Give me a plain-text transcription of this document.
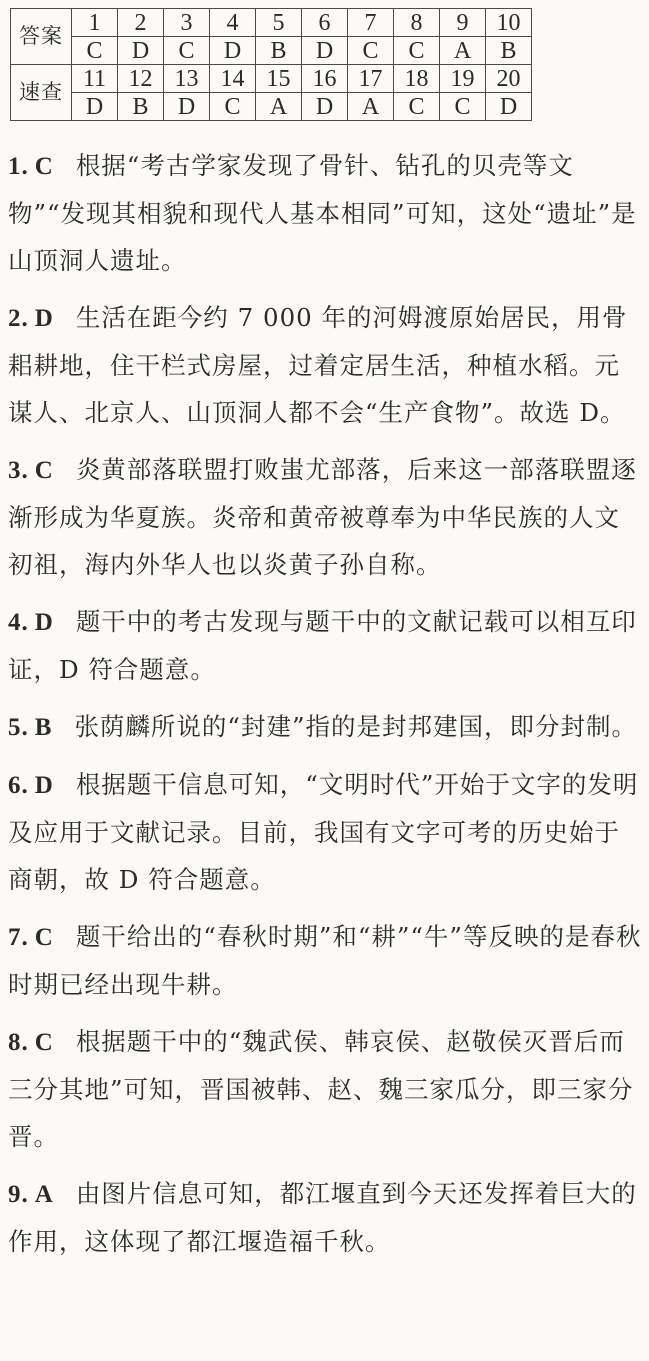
答案	1	2	3	4	5	6	7	8	9	10
	C	D	C	D	B	D	C	C	A	B
速查	11	12	13	14	15	16	17	18	19	20
	D	B	D	C	A	D	A	C	C	D
1. C 根据“考古学家发现了骨针、钻孔的贝壳等文物”“发现其相貌和现代人基本相同”可知，这处“遗址”是山顶洞人遗址。
2. D 生活在距今约 7 000 年的河姆渡原始居民，用骨耜耕地，住干栏式房屋，过着定居生活，种植水稻。元谋人、北京人、山顶洞人都不会“生产食物”。故选 D。
3. C 炎黄部落联盟打败蚩尤部落，后来这一部落联盟逐渐形成为华夏族。炎帝和黄帝被尊奉为中华民族的人文初祖，海内外华人也以炎黄子孙自称。
4. D 题干中的考古发现与题干中的文献记载可以相互印证，D 符合题意。
5. B 张荫麟所说的“封建”指的是封邦建国，即分封制。
6. D 根据题干信息可知，“文明时代”开始于文字的发明及应用于文献记录。目前，我国有文字可考的历史始于商朝，故 D 符合题意。
7. C 题干给出的“春秋时期”和“耕”“牛”等反映的是春秋时期已经出现牛耕。
8. C 根据题干中的“魏武侯、韩哀侯、赵敬侯灭晋后而三分其地”可知，晋国被韩、赵、魏三家瓜分，即三家分晋。
9. A 由图片信息可知，都江堰直到今天还发挥着巨大的作用，这体现了都江堰造福千秋。
